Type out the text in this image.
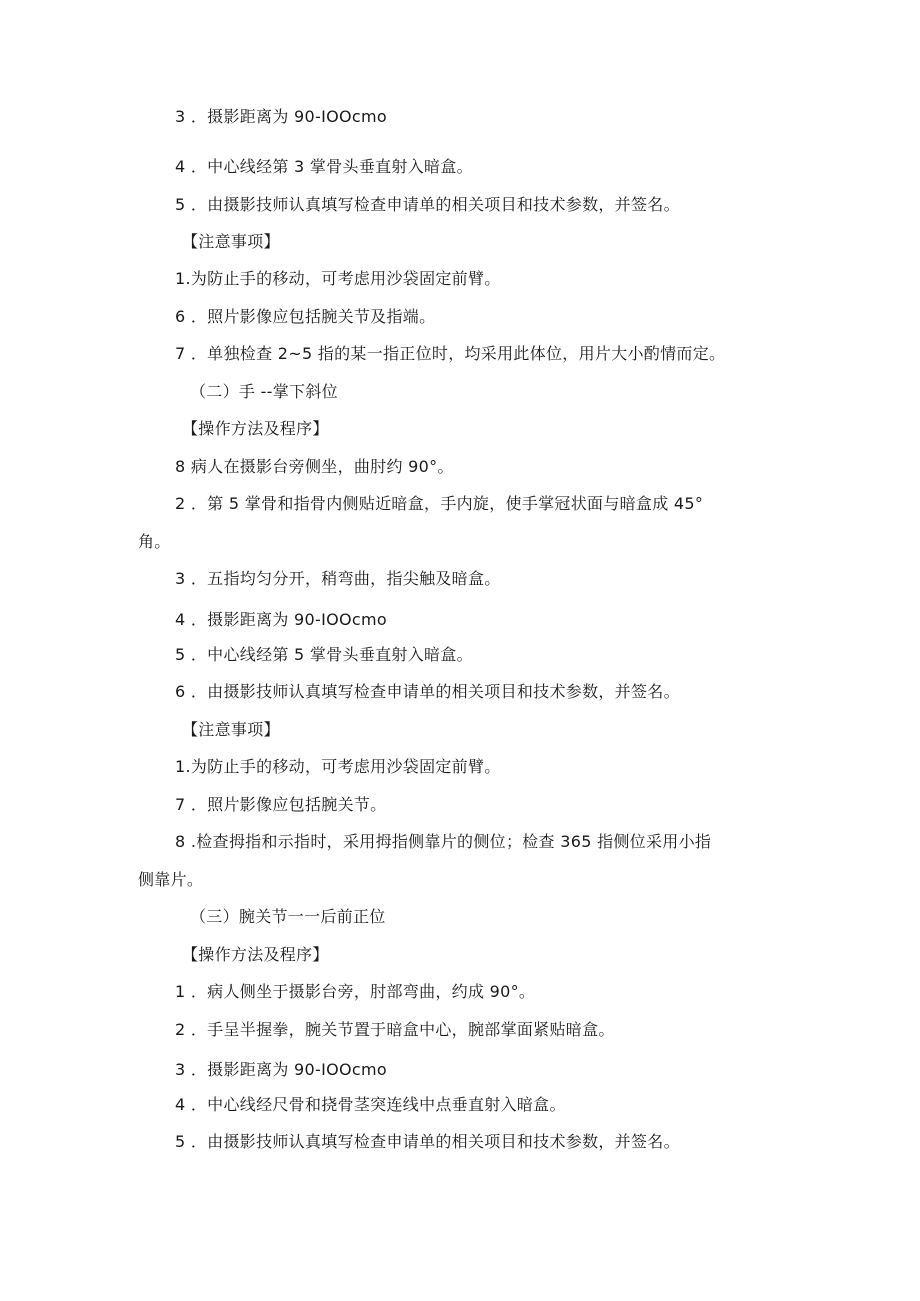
3 ．摄影距离为 90-IOOcmo
4 ．中心线经第 3 掌骨头垂直射入暗盒。
5 ．由摄影技师认真填写检查申请单的相关项目和技术参数，并签名。
【注意事项】
1.为防止手的移动，可考虑用沙袋固定前臂。
6 ．照片影像应包括腕关节及指端。
7 ．单独检查 2~5 指的某一指正位时，均采用此体位，用片大小酌情而定。
（二）手 --掌下斜位
【操作方法及程序】
8 病人在摄影台旁侧坐，曲肘约 90°。
2 ．第 5 掌骨和指骨内侧贴近暗盒，手内旋，使手掌冠状面与暗盒成 45°
角。
3 ．五指均匀分开，稍弯曲，指尖触及暗盒。
4 ．摄影距离为 90-IOOcmo
5 ．中心线经第 5 掌骨头垂直射入暗盒。
6 ．由摄影技师认真填写检查申请单的相关项目和技术参数，并签名。
【注意事项】
1.为防止手的移动，可考虑用沙袋固定前臂。
7 ．照片影像应包括腕关节。
8 .检查拇指和示指时，采用拇指侧靠片的侧位；检查 365 指侧位采用小指
侧靠片。
（三）腕关节一一后前正位
【操作方法及程序】
1 ．病人侧坐于摄影台旁，肘部弯曲，约成 90°。
2 ．手呈半握拳，腕关节置于暗盒中心，腕部掌面紧贴暗盒。
3 ．摄影距离为 90-IOOcmo
4 ．中心线经尺骨和挠骨茎突连线中点垂直射入暗盒。
5 ．由摄影技师认真填写检查申请单的相关项目和技术参数，并签名。
